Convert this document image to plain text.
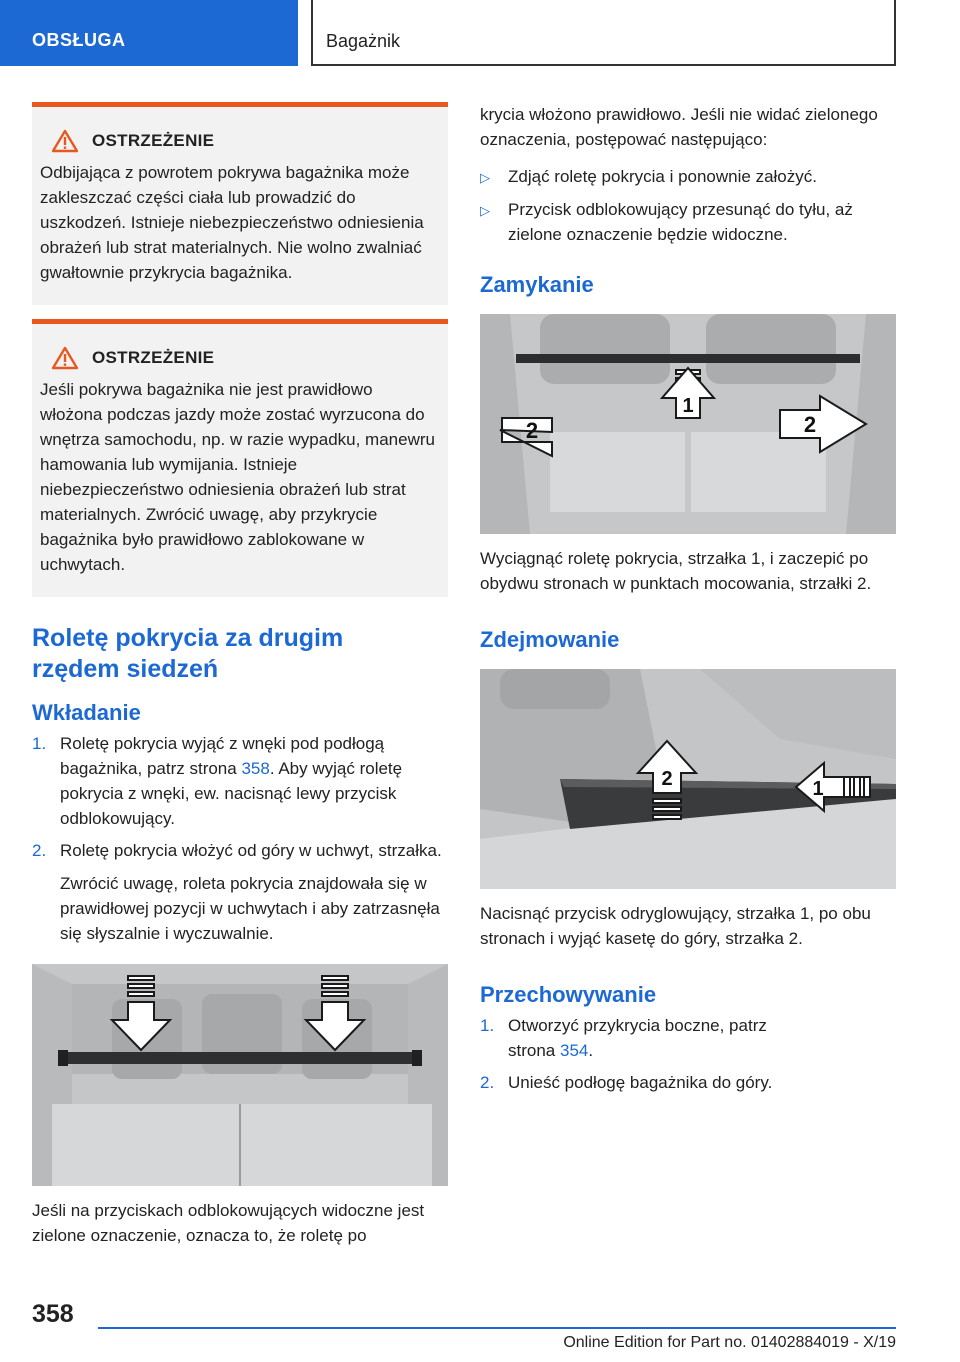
OBSŁUGA	Bagażnik
OSTRZEŻENIE
Odbijająca z powrotem pokrywa bagażnika może zakleszczać części ciała lub prowadzić do uszkodzeń. Istnieje niebezpieczeństwo odniesienia obrażeń lub strat materialnych. Nie wolno zwalniać gwałtownie przykrycia bagażnika.
OSTRZEŻENIE
Jeśli pokrywa bagażnika nie jest prawidłowo włożona podczas jazdy może zostać wyrzucona do wnętrza samochodu, np. w razie wypadku, manewru hamowania lub wymijania. Istnieje niebezpieczeństwo odniesienia obrażeń lub strat materialnych. Zwrócić uwagę, aby przykrycie bagażnika było prawidłowo zablokowane w uchwytach.
Roletę pokrycia za drugim rzędem siedzeń
Wkładanie
1. Roletę pokrycia wyjąć z wnęki pod podłogą bagażnika, patrz strona 358. Aby wyjąć roletę pokrycia z wnęki, ew. nacisnąć lewy przycisk odblokowujący.
2. Roletę pokrycia włożyć od góry w uchwyt, strzałka.
Zwrócić uwagę, roleta pokrycia znajdowała się w prawidłowej pozycji w uchwytach i aby zatrzasnęła się słyszalnie i wyczuwalnie.
Jeśli na przyciskach odblokowujących widoczne jest zielone oznaczenie, oznacza to, że roletę po
krycia włożono prawidłowo. Jeśli nie widać zielonego oznaczenia, postępować następująco:
▷	Zdjąć roletę pokrycia i ponownie założyć.
▷	Przycisk odblokowujący przesunąć do tyłu, aż zielone oznaczenie będzie widoczne.
Zamykanie
1
2	2
Wyciągnąć roletę pokrycia, strzałka 1, i zaczepić po obydwu stronach w punktach mocowania, strzałki 2.
Zdejmowanie
2	1
Nacisnąć przycisk odryglowujący, strzałka 1, po obu stronach i wyjąć kasetę do góry, strzałka 2.
Przechowywanie
1. Otworzyć przykrycia boczne, patrz strona 354.
2. Unieść podłogę bagażnika do góry.
358
Online Edition for Part no. 01402884019 - X/19
